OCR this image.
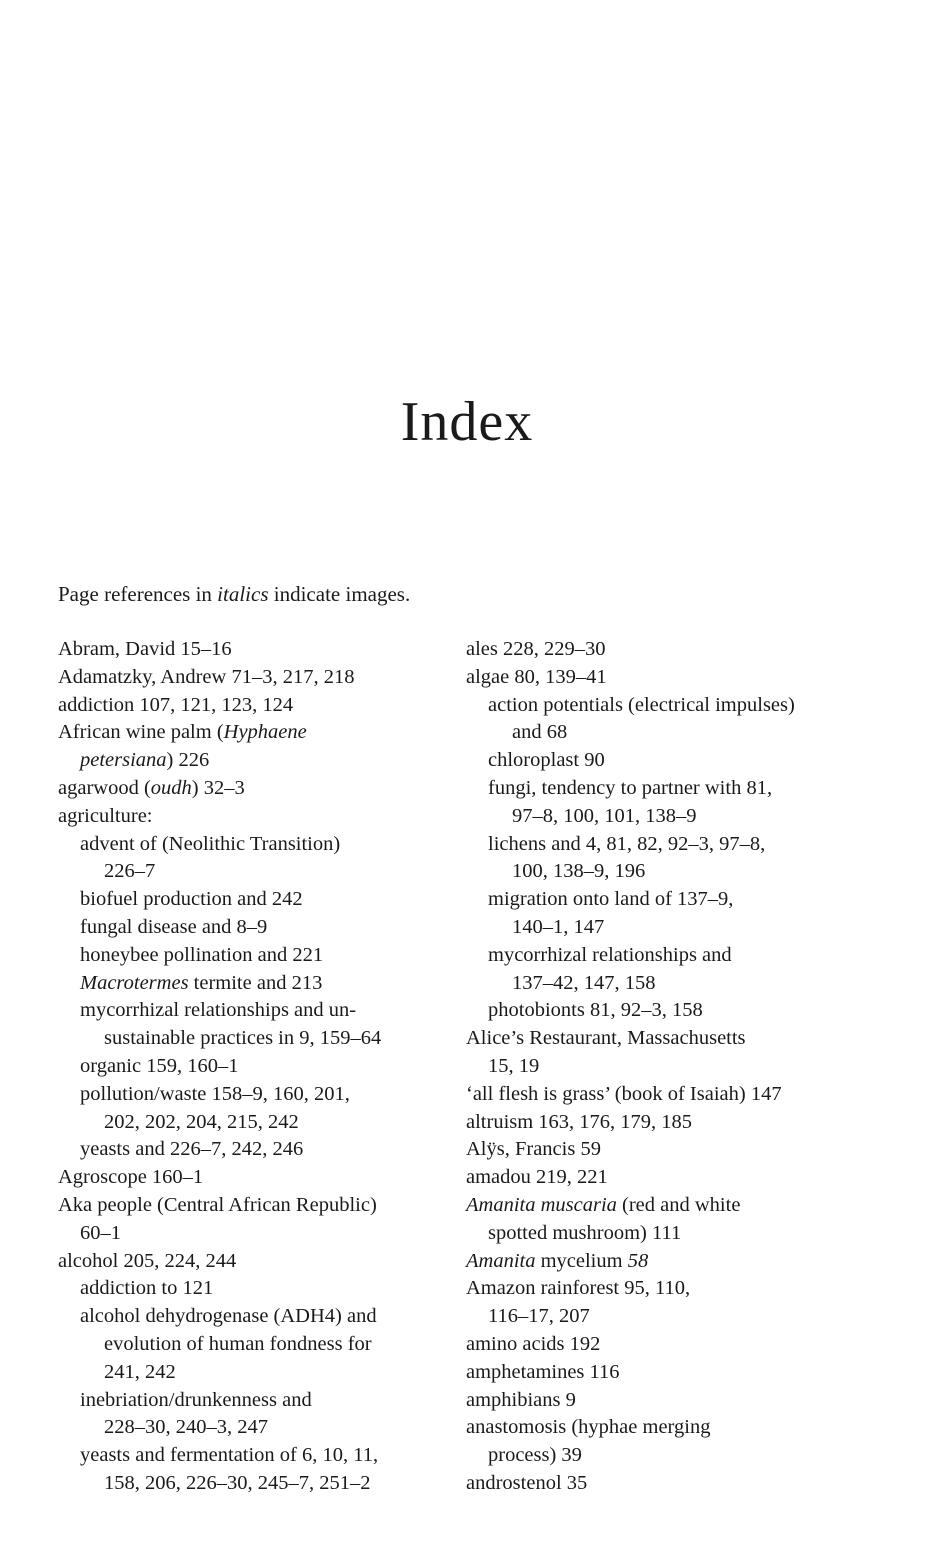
Index
Page references in italics indicate images.
Abram, David 15–16
Adamatzky, Andrew 71–3, 217, 218
addiction 107, 121, 123, 124
African wine palm (Hyphaene
petersiana) 226
agarwood (oudh) 32–3
agriculture:
advent of (Neolithic Transition)
226–7
biofuel production and 242
fungal disease and 8–9
honeybee pollination and 221
Macrotermes termite and 213
mycorrhizal relationships and un-
sustainable practices in 9, 159–64
organic 159, 160–1
pollution/waste 158–9, 160, 201,
202, 202, 204, 215, 242
yeasts and 226–7, 242, 246
Agroscope 160–1
Aka people (Central African Republic)
60–1
alcohol 205, 224, 244
addiction to 121
alcohol dehydrogenase (ADH4) and
evolution of human fondness for
241, 242
inebriation/drunkenness and
228–30, 240–3, 247
yeasts and fermentation of 6, 10, 11,
158, 206, 226–30, 245–7, 251–2
ales 228, 229–30
algae 80, 139–41
action potentials (electrical impulses)
and 68
chloroplast 90
fungi, tendency to partner with 81,
97–8, 100, 101, 138–9
lichens and 4, 81, 82, 92–3, 97–8,
100, 138–9, 196
migration onto land of 137–9,
140–1, 147
mycorrhizal relationships and
137–42, 147, 158
photobionts 81, 92–3, 158
Alice’s Restaurant, Massachusetts
15, 19
‘all flesh is grass’ (book of Isaiah) 147
altruism 163, 176, 179, 185
Alÿs, Francis 59
amadou 219, 221
Amanita muscaria (red and white
spotted mushroom) 111
Amanita mycelium 58
Amazon rainforest 95, 110,
116–17, 207
amino acids 192
amphetamines 116
amphibians 9
anastomosis (hyphae merging
process) 39
androstenol 35
